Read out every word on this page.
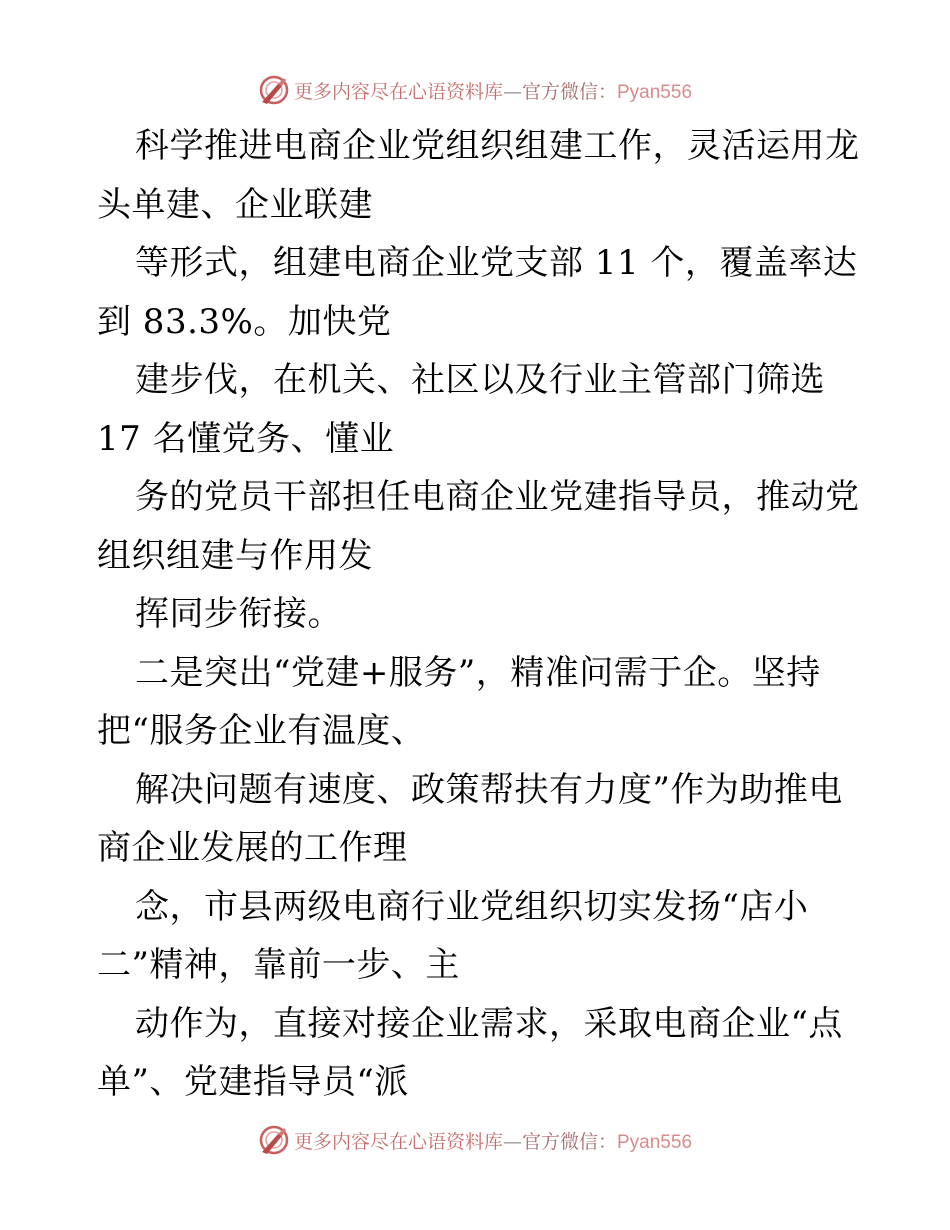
更多内容尽在心语资料库—官方微信：Pyan556
科学推进电商企业党组织组建工作，灵活运用龙
头单建、企业联建
等形式，组建电商企业党支部 11 个，覆盖率达
到 83.3%。加快党
建步伐，在机关、社区以及行业主管部门筛选
17 名懂党务、懂业
务的党员干部担任电商企业党建指导员，推动党
组织组建与作用发
挥同步衔接。
二是突出“党建+服务”，精准问需于企。坚持
把“服务企业有温度、
解决问题有速度、政策帮扶有力度”作为助推电
商企业发展的工作理
念，市县两级电商行业党组织切实发扬“店小
二”精神，靠前一步、主
动作为，直接对接企业需求，采取电商企业“点
单”、党建指导员“派
更多内容尽在心语资料库—官方微信：Pyan556
